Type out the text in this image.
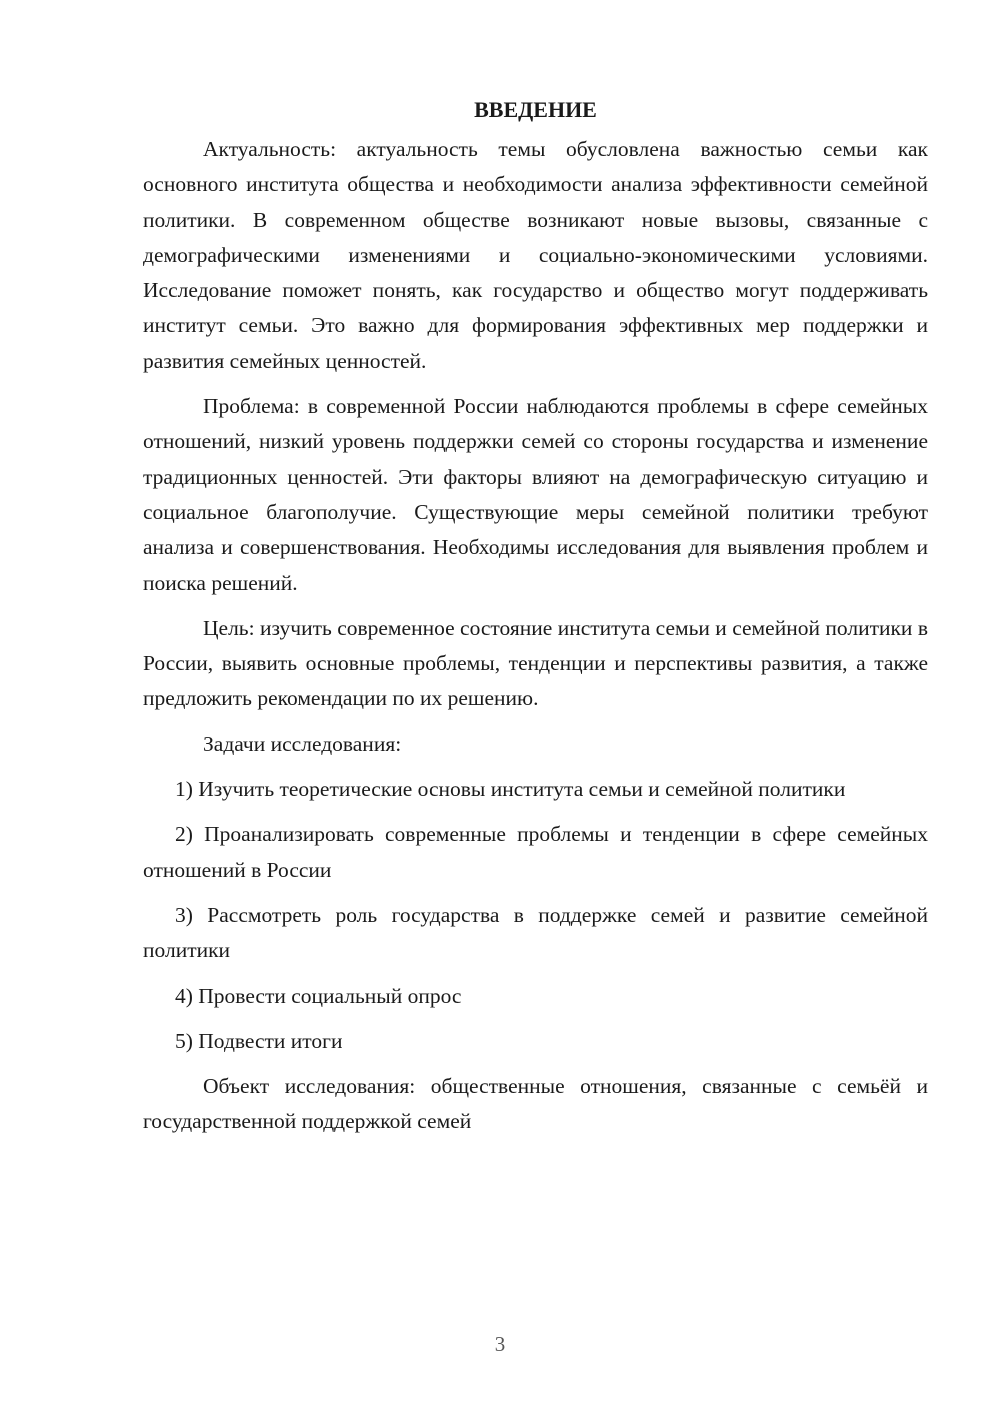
ВВЕДЕНИЕ

Актуальность: актуальность темы обусловлена важностью семьи как основного института общества и необходимости анализа эффективности семейной политики. В современном обществе возникают новые вызовы, связанные с демографическими изменениями и социально-экономическими условиями. Исследование поможет понять, как государство и общество могут поддерживать институт семьи. Это важно для формирования эффективных мер поддержки и развития семейных ценностей.

Проблема: в современной России наблюдаются проблемы в сфере семейных отношений, низкий уровень поддержки семей со стороны государства и изменение традиционных ценностей. Эти факторы влияют на демографическую ситуацию и социальное благополучие. Существующие меры семейной политики требуют анализа и совершенствования. Необходимы исследования для выявления проблем и поиска решений.

Цель: изучить современное состояние института семьи и семейной политики в России, выявить основные проблемы, тенденции и перспективы развития, а также предложить рекомендации по их решению.

Задачи исследования:

1) Изучить теоретические основы института семьи и семейной политики

2) Проанализировать современные проблемы и тенденции в сфере семейных отношений в России

3) Рассмотреть роль государства в поддержке семей и развитие семейной политики

4) Провести социальный опрос

5) Подвести итоги

Объект исследования: общественные отношения, связанные с семьёй и государственной поддержкой семей

3
